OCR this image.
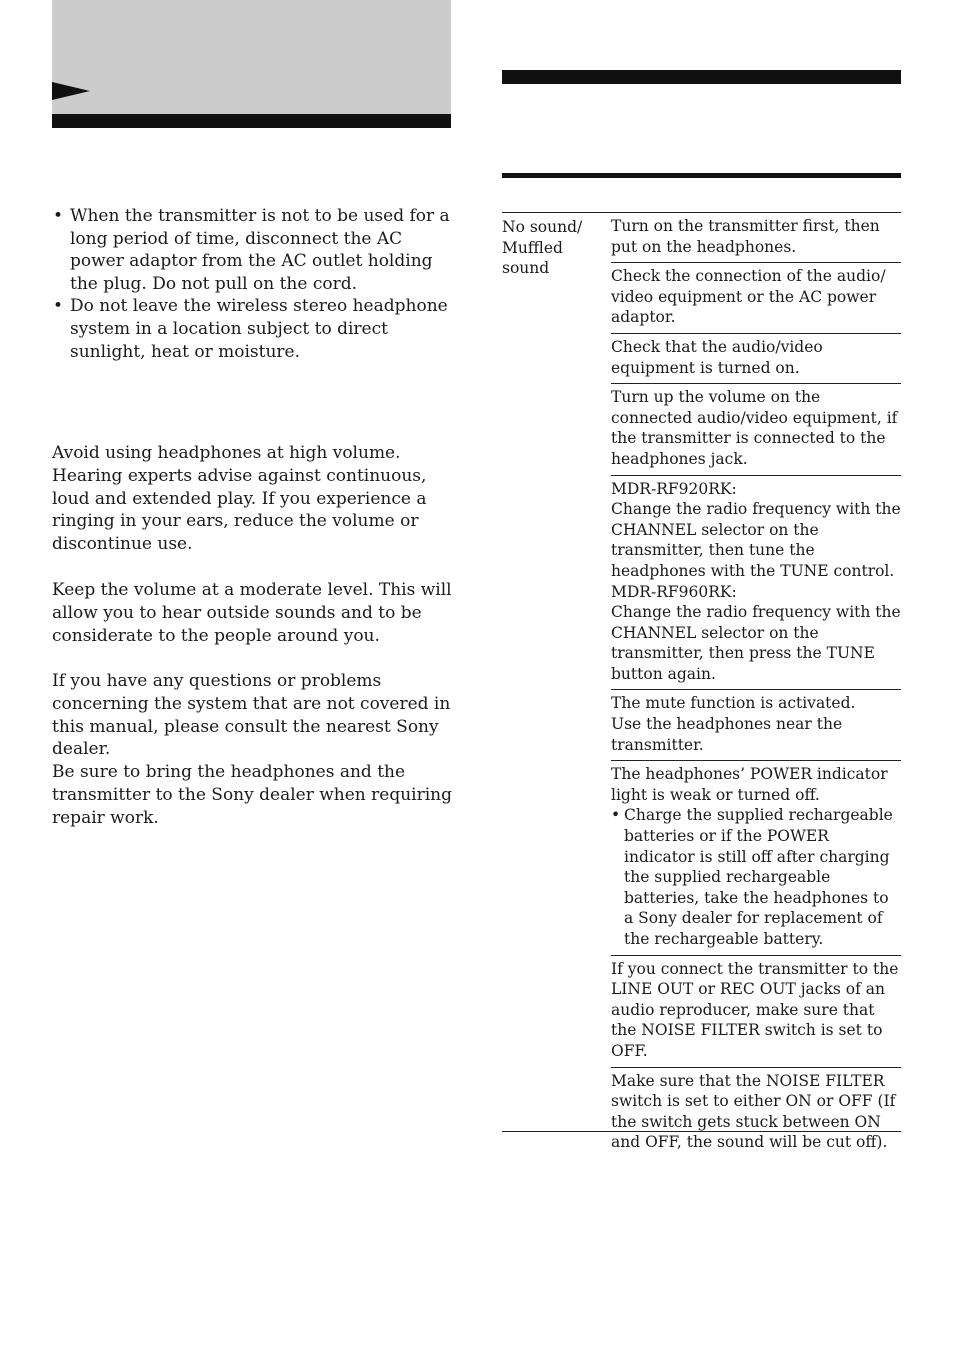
• When the transmitter is not to be used for a long period of time, disconnect the AC power adaptor from the AC outlet holding the plug. Do not pull on the cord.
• Do not leave the wireless stereo headphone system in a location subject to direct sunlight, heat or moisture.

Avoid using headphones at high volume. Hearing experts advise against continuous, loud and extended play. If you experience a ringing in your ears, reduce the volume or discontinue use.

Keep the volume at a moderate level. This will allow you to hear outside sounds and to be considerate to the people around you.

If you have any questions or problems concerning the system that are not covered in this manual, please consult the nearest Sony dealer.

Be sure to bring the headphones and the transmitter to the Sony dealer when requiring repair work.

No sound/ Muffled sound
Turn on the transmitter first, then put on the headphones.
Check the connection of the audio/ video equipment or the AC power adaptor.
Check that the audio/video equipment is turned on.
Turn up the volume on the connected audio/video equipment, if the transmitter is connected to the headphones jack.
MDR-RF920RK:
Change the radio frequency with the CHANNEL selector on the transmitter, then tune the headphones with the TUNE control.
MDR-RF960RK:
Change the radio frequency with the CHANNEL selector on the transmitter, then press the TUNE button again.
The mute function is activated.
Use the headphones near the transmitter.
The headphones’ POWER indicator light is weak or turned off.
• Charge the supplied rechargeable batteries or if the POWER indicator is still off after charging the supplied rechargeable batteries, take the headphones to a Sony dealer for replacement of the rechargeable battery.
If you connect the transmitter to the LINE OUT or REC OUT jacks of an audio reproducer, make sure that the NOISE FILTER switch is set to OFF.
Make sure that the NOISE FILTER switch is set to either ON or OFF (If the switch gets stuck between ON and OFF, the sound will be cut off).
